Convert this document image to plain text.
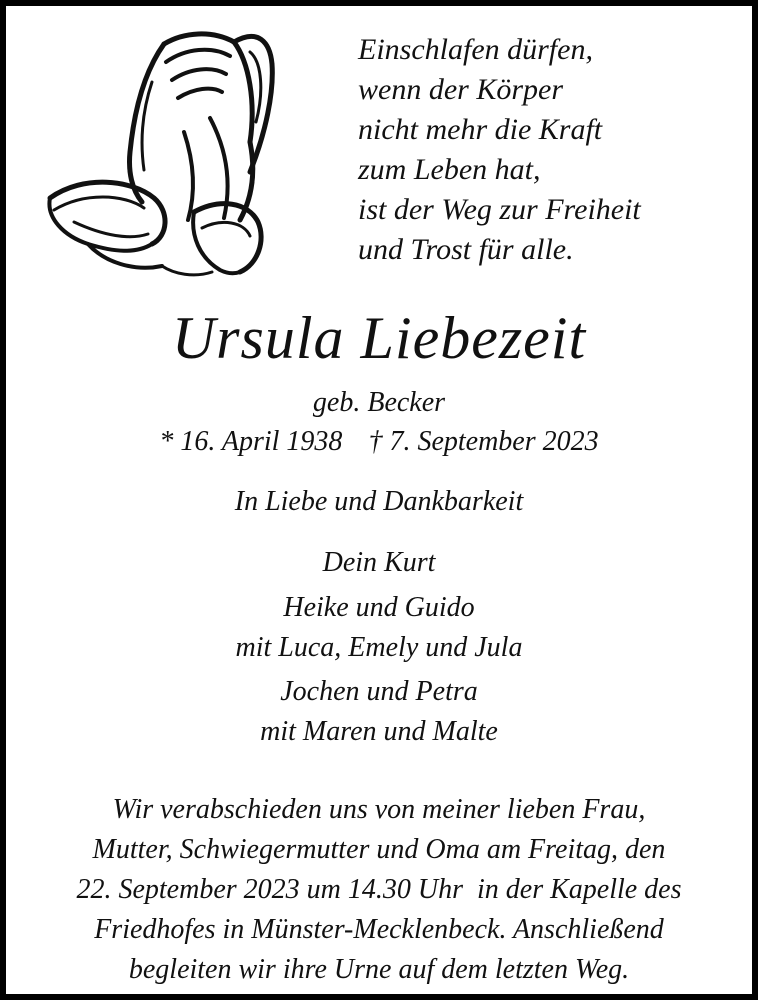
Einschlafen dürfen,
wenn der Körper
nicht mehr die Kraft
zum Leben hat,
ist der Weg zur Freiheit
und Trost für alle.
Ursula Liebezeit
geb. Becker
* 16. April 1938 † 7. September 2023
In Liebe und Dankbarkeit
Dein Kurt
Heike und Guido
mit Luca, Emely und Jula
Jochen und Petra
mit Maren und Malte
Wir verabschieden uns von meiner lieben Frau,
Mutter, Schwiegermutter und Oma am Freitag, den
22. September 2023 um 14.30 Uhr  in der Kapelle des
Friedhofes in Münster-Mecklenbeck. Anschließend
begleiten wir ihre Urne auf dem letzten Weg.
